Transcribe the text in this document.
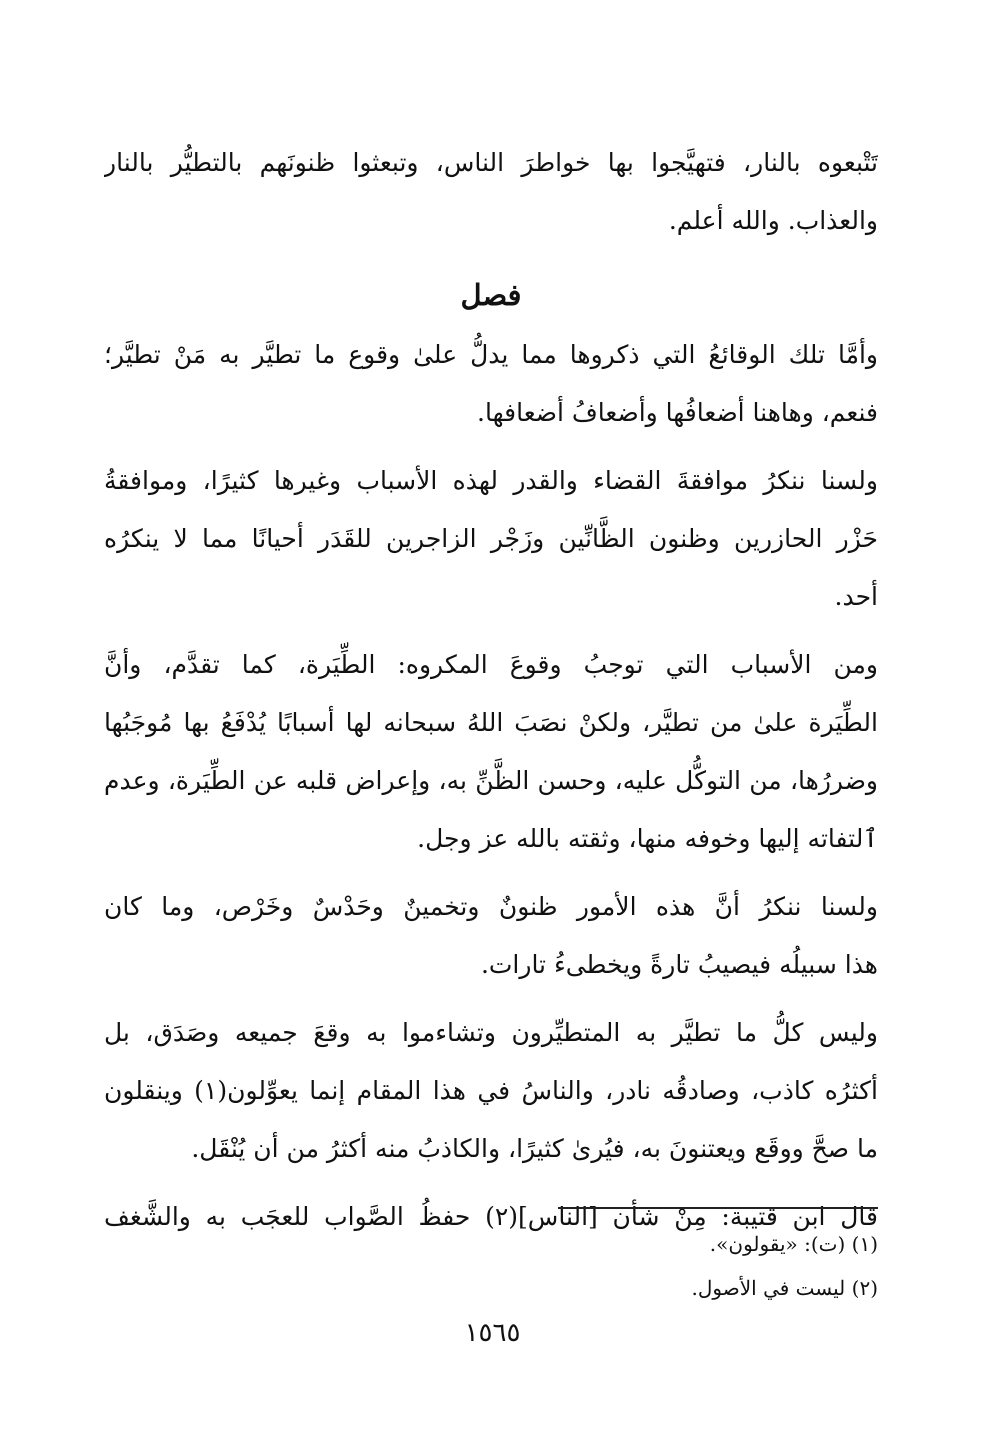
تَتْبعوه بالنار، فتهيَّجوا بها خواطرَ الناس، وتبعثوا ظنونَهم بالتطيُّر بالنار
والعذاب. والله أعلم.
فصل
وأمَّا تلك الوقائعُ التي ذكروها مما يدلُّ علىٰ وقوع ما تطيَّر به مَنْ تطيَّر؛
فنعم، وهاهنا أضعافُها وأضعافُ أضعافها.
ولسنا ننكرُ موافقةَ القضاء والقدر لهذه الأسباب وغيرها كثيرًا، وموافقةُ
حَزْر الحازرين وظنون الظَّانِّين وزَجْر الزاجرين للقَدَر أحيانًا مما لا ينكرُه
أحد.
ومن الأسباب التي توجبُ وقوعَ المكروه: الطِّيَرة، كما تقدَّم، وأنَّ
الطِّيَرة علىٰ من تطيَّر، ولكنْ نصَبَ اللهُ سبحانه لها أسبابًا يُدْفَعُ بها مُوجَبُها
وضررُها، من التوكُّل عليه، وحسن الظَّنِّ به، وإعراض قلبه عن الطِّيَرة، وعدم
ٱلتفاته إليها وخوفه منها، وثقته بالله عز وجل.
ولسنا ننكرُ أنَّ هذه الأمور ظنونٌ وتخمينٌ وحَدْسٌ وخَرْص، وما كان
هذا سبيلُه فيصيبُ تارةً ويخطىءُ تارات.
وليس كلُّ ما تطيَّر به المتطيِّرون وتشاءموا به وقعَ جميعه وصَدَق، بل
أكثرُه كاذب، وصادقُه نادر، والناسُ في هذا المقام إنما يعوِّلون(١) وينقلون
ما صحَّ ووقَع ويعتنونَ به، فيُرىٰ كثيرًا، والكاذبُ منه أكثرُ من أن يُنْقَل.
قال ابن قتيبة: مِنْ شأن [الناس](٢) حفظُ الصَّواب للعجَب به والشَّغف
(١) (ت): «يقولون».
(٢) ليست في الأصول.
١٥٦٥
